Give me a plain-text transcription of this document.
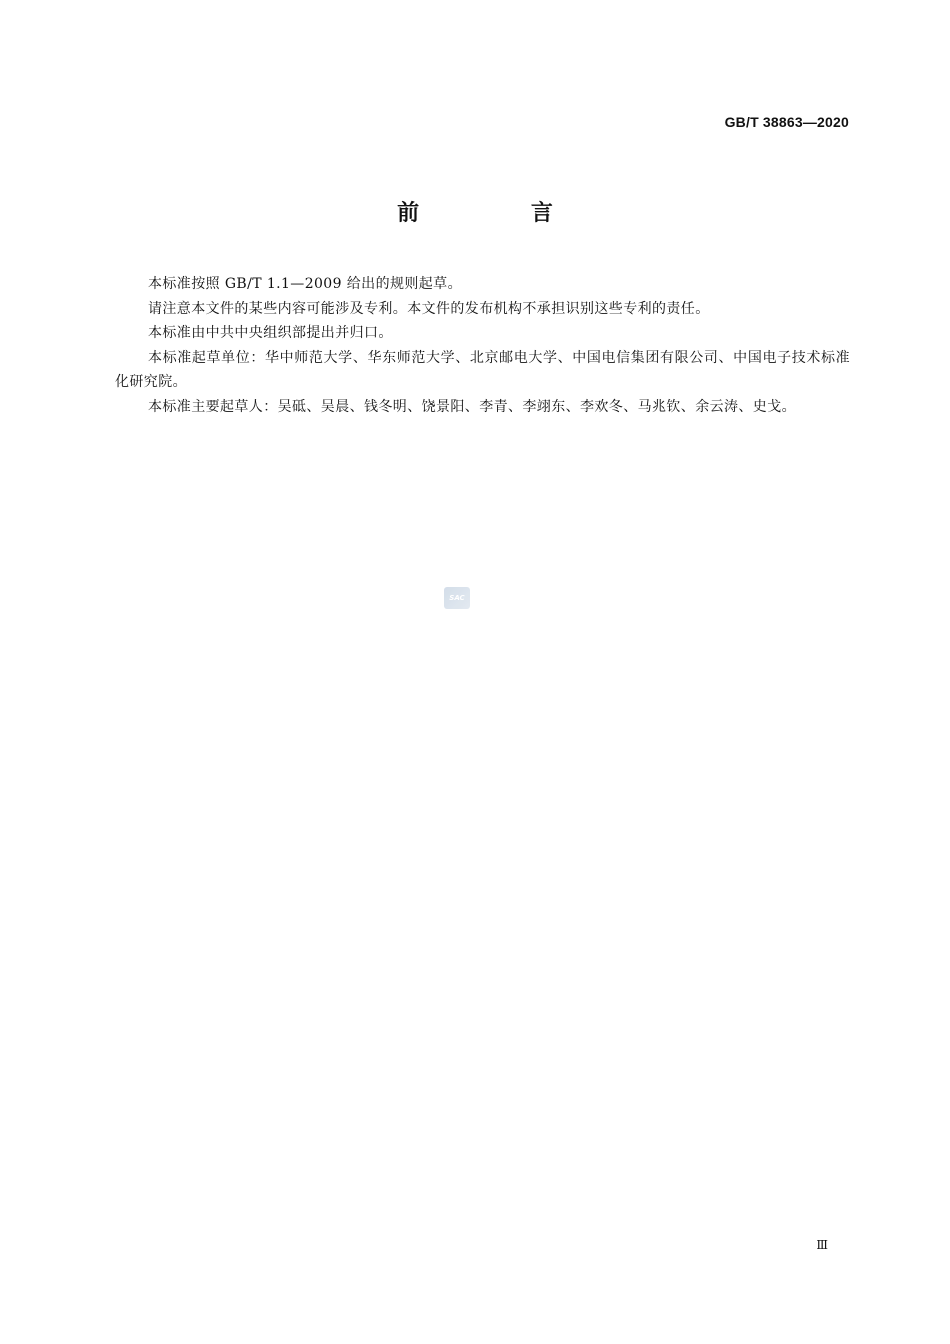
GB/T 38863—2020
前 言

本标准按照 GB/T 1.1—2009 给出的规则起草。

请注意本文件的某些内容可能涉及专利。本文件的发布机构不承担识别这些专利的责任。

本标准由中共中央组织部提出并归口。

本标准起草单位：华中师范大学、华东师范大学、北京邮电大学、中国电信集团有限公司、中国电子技术标准化研究院。

本标准主要起草人：吴砥、吴晨、钱冬明、饶景阳、李青、李翊东、李欢冬、马兆钦、余云涛、史戈。

SAC
Ⅲ
